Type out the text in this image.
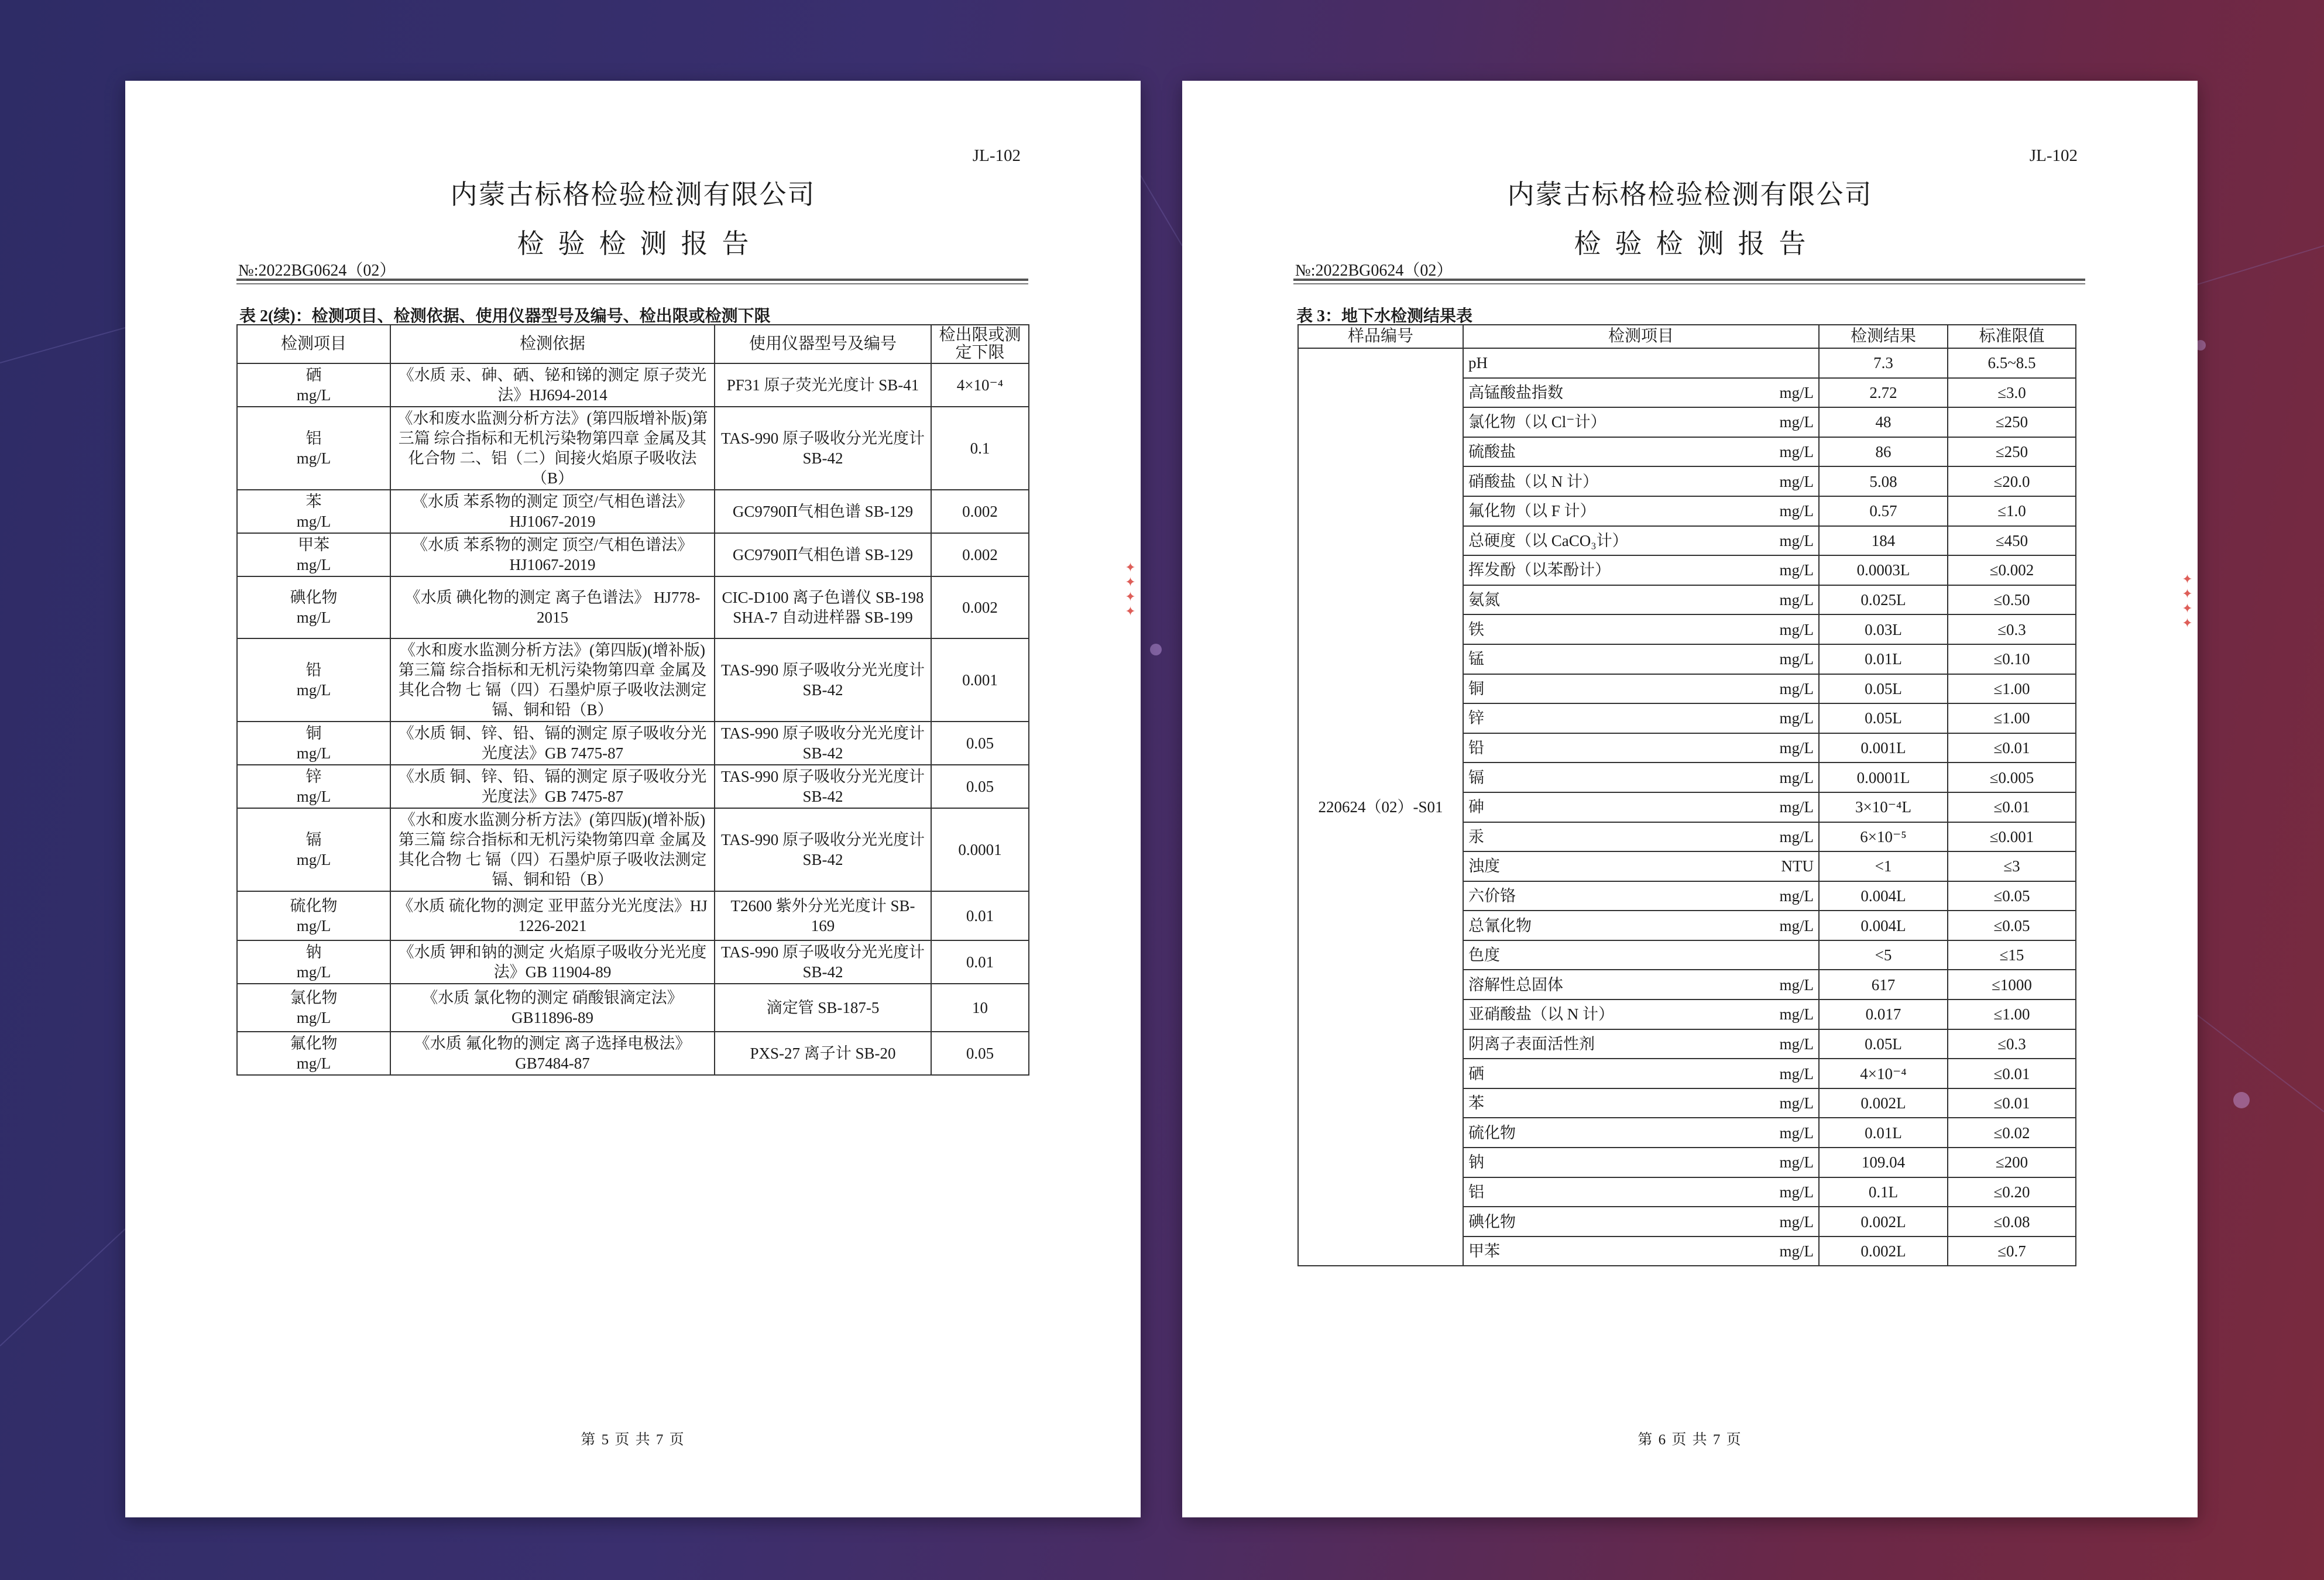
JL-102
内蒙古标格检验检测有限公司
检验检测报告
№:2022BG0624（02）
表 2(续)：检测项目、检测依据、使用仪器型号及编号、检出限或检测下限
检测项目	检测依据	使用仪器型号及编号	检出限或测定下限

硒
mg/L	《水质 汞、砷、硒、铋和锑的测定 原子荧光法》HJ694-2014	PF31 原子荧光光度计 SB-41	4×10⁻⁴

铝
mg/L	《水和废水监测分析方法》(第四版增补版)第三篇 综合指标和无机污染物第四章 金属及其化合物 二、铝（二）间接火焰原子吸收法（B）	TAS-990 原子吸收分光光度计 SB-42	0.1

苯
mg/L	《水质 苯系物的测定 顶空/气相色谱法》 HJ1067-2019	GC9790Π气相色谱 SB-129	0.002

甲苯
mg/L	《水质 苯系物的测定 顶空/气相色谱法》 HJ1067-2019	GC9790Π气相色谱 SB-129	0.002

碘化物
mg/L	《水质 碘化物的测定 离子色谱法》 HJ778-2015	CIC-D100 离子色谱仪 SB-198 SHA-7 自动进样器 SB-199	0.002

铅
mg/L	《水和废水监测分析方法》(第四版)(增补版)第三篇 综合指标和无机污染物第四章 金属及其化合物 七 镉（四）石墨炉原子吸收法测定镉、铜和铅（B）	TAS-990 原子吸收分光光度计 SB-42	0.001

铜
mg/L	《水质 铜、锌、铅、镉的测定 原子吸收分光光度法》GB 7475-87	TAS-990 原子吸收分光光度计 SB-42	0.05

锌
mg/L	《水质 铜、锌、铅、镉的测定 原子吸收分光光度法》GB 7475-87	TAS-990 原子吸收分光光度计 SB-42	0.05

镉
mg/L	《水和废水监测分析方法》(第四版)(增补版)第三篇 综合指标和无机污染物第四章 金属及其化合物 七 镉（四）石墨炉原子吸收法测定镉、铜和铅（B）	TAS-990 原子吸收分光光度计 SB-42	0.0001

硫化物
mg/L	《水质 硫化物的测定 亚甲蓝分光光度法》HJ 1226-2021	T2600 紫外分光光度计 SB-169	0.01

钠
mg/L	《水质 钾和钠的测定 火焰原子吸收分光光度法》GB 11904-89	TAS-990 原子吸收分光光度计 SB-42	0.01

氯化物
mg/L	《水质 氯化物的测定 硝酸银滴定法》 GB11896-89	滴定管 SB-187-5	10

氟化物
mg/L	《水质 氟化物的测定 离子选择电极法》GB7484-87	PXS-27 离子计 SB-20	0.05
第 5 页 共 7 页
✦✦✦✦
JL-102
内蒙古标格检验检测有限公司
检验检测报告
№:2022BG0624（02）
表 3：地下水检测结果表
样品编号	检测项目	检测结果	标准限值
220624（02）-S01	pH	7.3	6.5~8.5

	高锰酸盐指数 mg/L	2.72	≤3.0

	氯化物（以 Cl⁻计） mg/L	48	≤250

	硫酸盐 mg/L	86	≤250

	硝酸盐（以 N 计） mg/L	5.08	≤20.0

	氟化物（以 F 计） mg/L	0.57	≤1.0

	总硬度（以 CaCO₃计） mg/L	184	≤450

	挥发酚（以苯酚计） mg/L	0.0003L	≤0.002

	氨氮 mg/L	0.025L	≤0.50

	铁 mg/L	0.03L	≤0.3

	锰 mg/L	0.01L	≤0.10

	铜 mg/L	0.05L	≤1.00

	锌 mg/L	0.05L	≤1.00

	铅 mg/L	0.001L	≤0.01

	镉 mg/L	0.0001L	≤0.005

	砷 mg/L	3×10⁻⁴L	≤0.01

	汞 mg/L	6×10⁻⁵	≤0.001

	浊度 NTU	<1	≤3

	六价铬 mg/L	0.004L	≤0.05

	总氰化物 mg/L	0.004L	≤0.05

	色度	<5	≤15

	溶解性总固体 mg/L	617	≤1000

	亚硝酸盐（以 N 计） mg/L	0.017	≤1.00

	阴离子表面活性剂 mg/L	0.05L	≤0.3

	硒 mg/L	4×10⁻⁴	≤0.01

	苯 mg/L	0.002L	≤0.01

	硫化物 mg/L	0.01L	≤0.02

	钠 mg/L	109.04	≤200

	铝 mg/L	0.1L	≤0.20

	碘化物 mg/L	0.002L	≤0.08

	甲苯 mg/L	0.002L	≤0.7
第 6 页 共 7 页
✦✦✦✦
